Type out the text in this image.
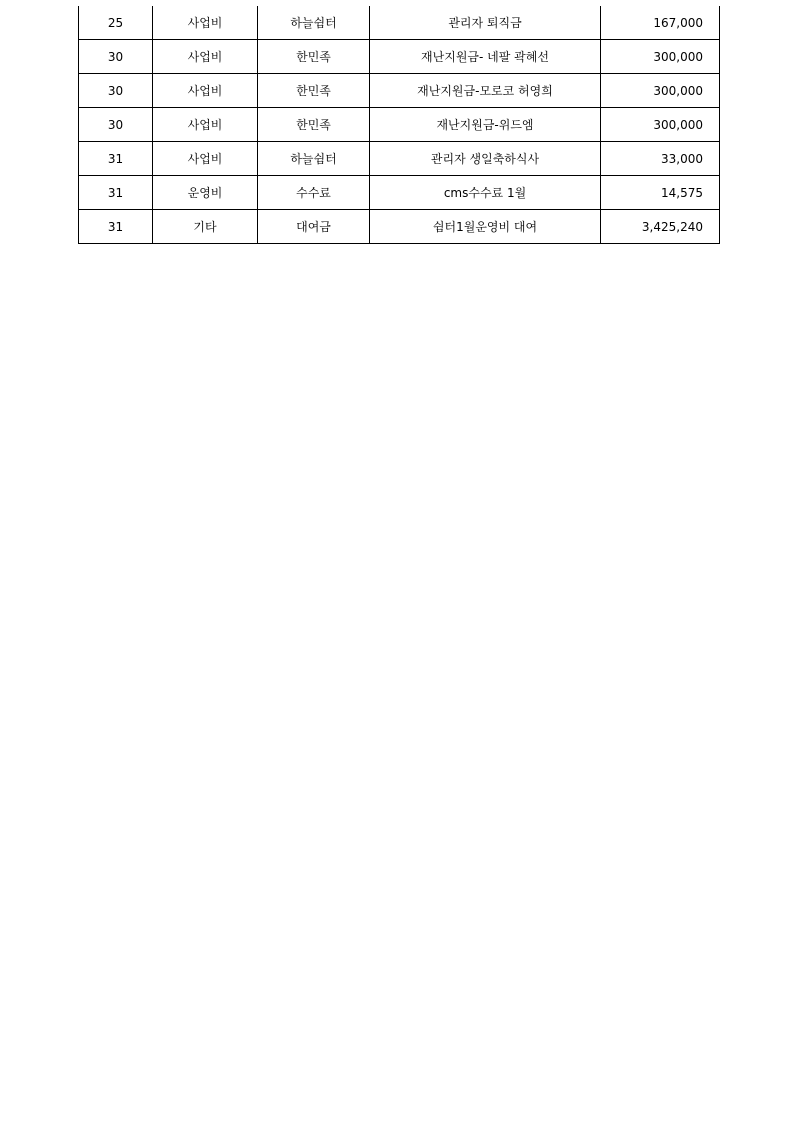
25	사업비	하늘쉼터	관리자 퇴직금	167,000
30	사업비	한민족	재난지원금- 네팔 곽혜선	300,000
30	사업비	한민족	재난지원금-모로코 허영희	300,000
30	사업비	한민족	재난지원금-위드엠	300,000
31	사업비	하늘쉼터	관리자 생일축하식사	33,000
31	운영비	수수료	cms수수료 1월	14,575
31	기타	대여금	쉼터1월운영비 대여	3,425,240
